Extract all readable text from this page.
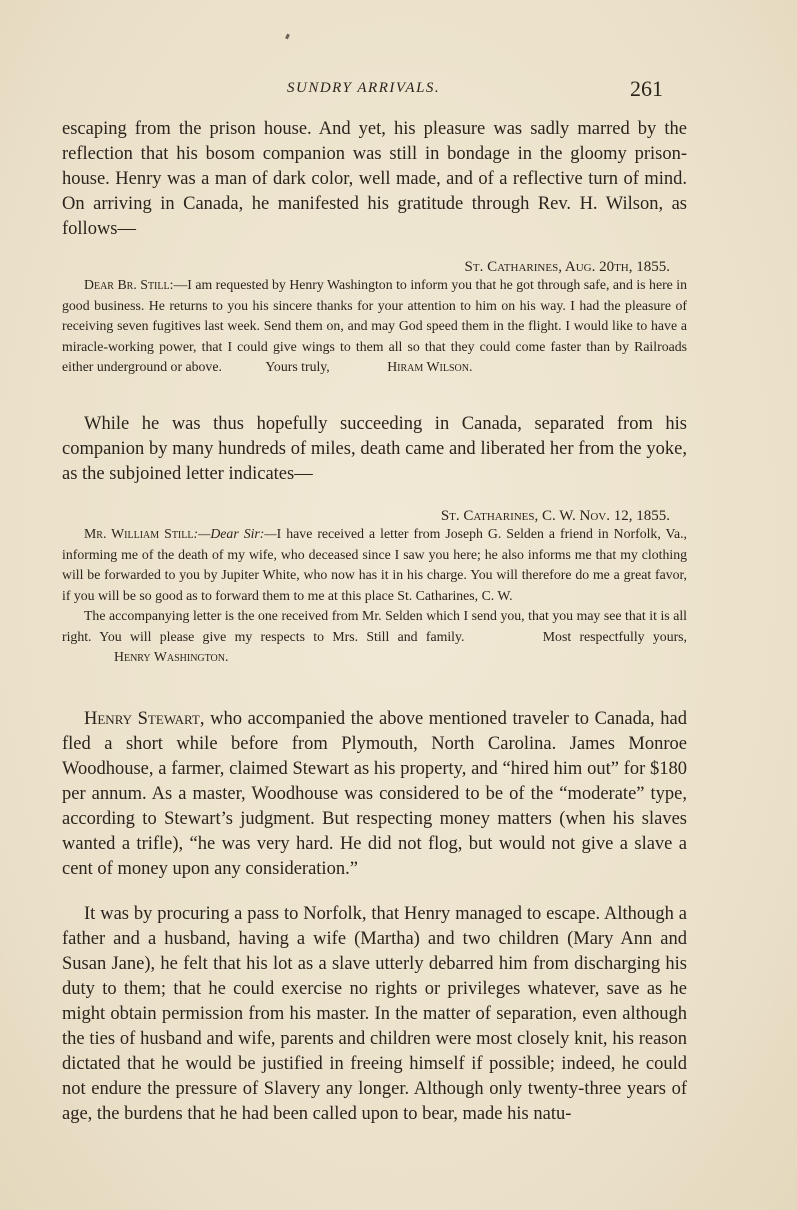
SUNDRY ARRIVALS.	261

escaping from the prison house. And yet, his pleasure was sadly marred by the reflection that his bosom companion was still in bondage in the gloomy prison-house. Henry was a man of dark color, well made, and of a reflective turn of mind. On arriving in Canada, he manifested his gratitude through Rev. H. Wilson, as follows—

St. Catharines, Aug. 20th, 1855.

Dear Br. Still:—I am requested by Henry Washington to inform you that he got through safe, and is here in good business. He returns to you his sincere thanks for your attention to him on his way. I had the pleasure of receiving seven fugitives last week. Send them on, and may God speed them in the flight. I would like to have a miracle-working power, that I could give wings to them all so that they could come faster than by Railroads either underground or above.	Yours truly,	Hiram Wilson.

While he was thus hopefully succeeding in Canada, separated from his companion by many hundreds of miles, death came and liberated her from the yoke, as the subjoined letter indicates—

St. Catharines, C. W. Nov. 12, 1855.

Mr. William Still:—Dear Sir:—I have received a letter from Joseph G. Selden a friend in Norfolk, Va., informing me of the death of my wife, who deceased since I saw you here; he also informs me that my clothing will be forwarded to you by Jupiter White, who now has it in his charge. You will therefore do me a great favor, if you will be so good as to forward them to me at this place St. Catharines, C. W.

The accompanying letter is the one received from Mr. Selden which I send you, that you may see that it is all right. You will please give my respects to Mrs. Still and family.	Most respectfully yours, Henry Washington.

Henry Stewart, who accompanied the above mentioned traveler to Canada, had fled a short while before from Plymouth, North Carolina. James Monroe Woodhouse, a farmer, claimed Stewart as his property, and “hired him out” for $180 per annum. As a master, Woodhouse was considered to be of the “moderate” type, according to Stewart’s judgment. But respecting money matters (when his slaves wanted a trifle), “he was very hard. He did not flog, but would not give a slave a cent of money upon any consideration.”

It was by procuring a pass to Norfolk, that Henry managed to escape. Although a father and a husband, having a wife (Martha) and two children (Mary Ann and Susan Jane), he felt that his lot as a slave utterly debarred him from discharging his duty to them; that he could exercise no rights or privileges whatever, save as he might obtain permission from his master. In the matter of separation, even although the ties of husband and wife, parents and children were most closely knit, his reason dictated that he would be justified in freeing himself if possible; indeed, he could not endure the pressure of Slavery any longer. Although only twenty-three years of age, the burdens that he had been called upon to bear, made his natu-
